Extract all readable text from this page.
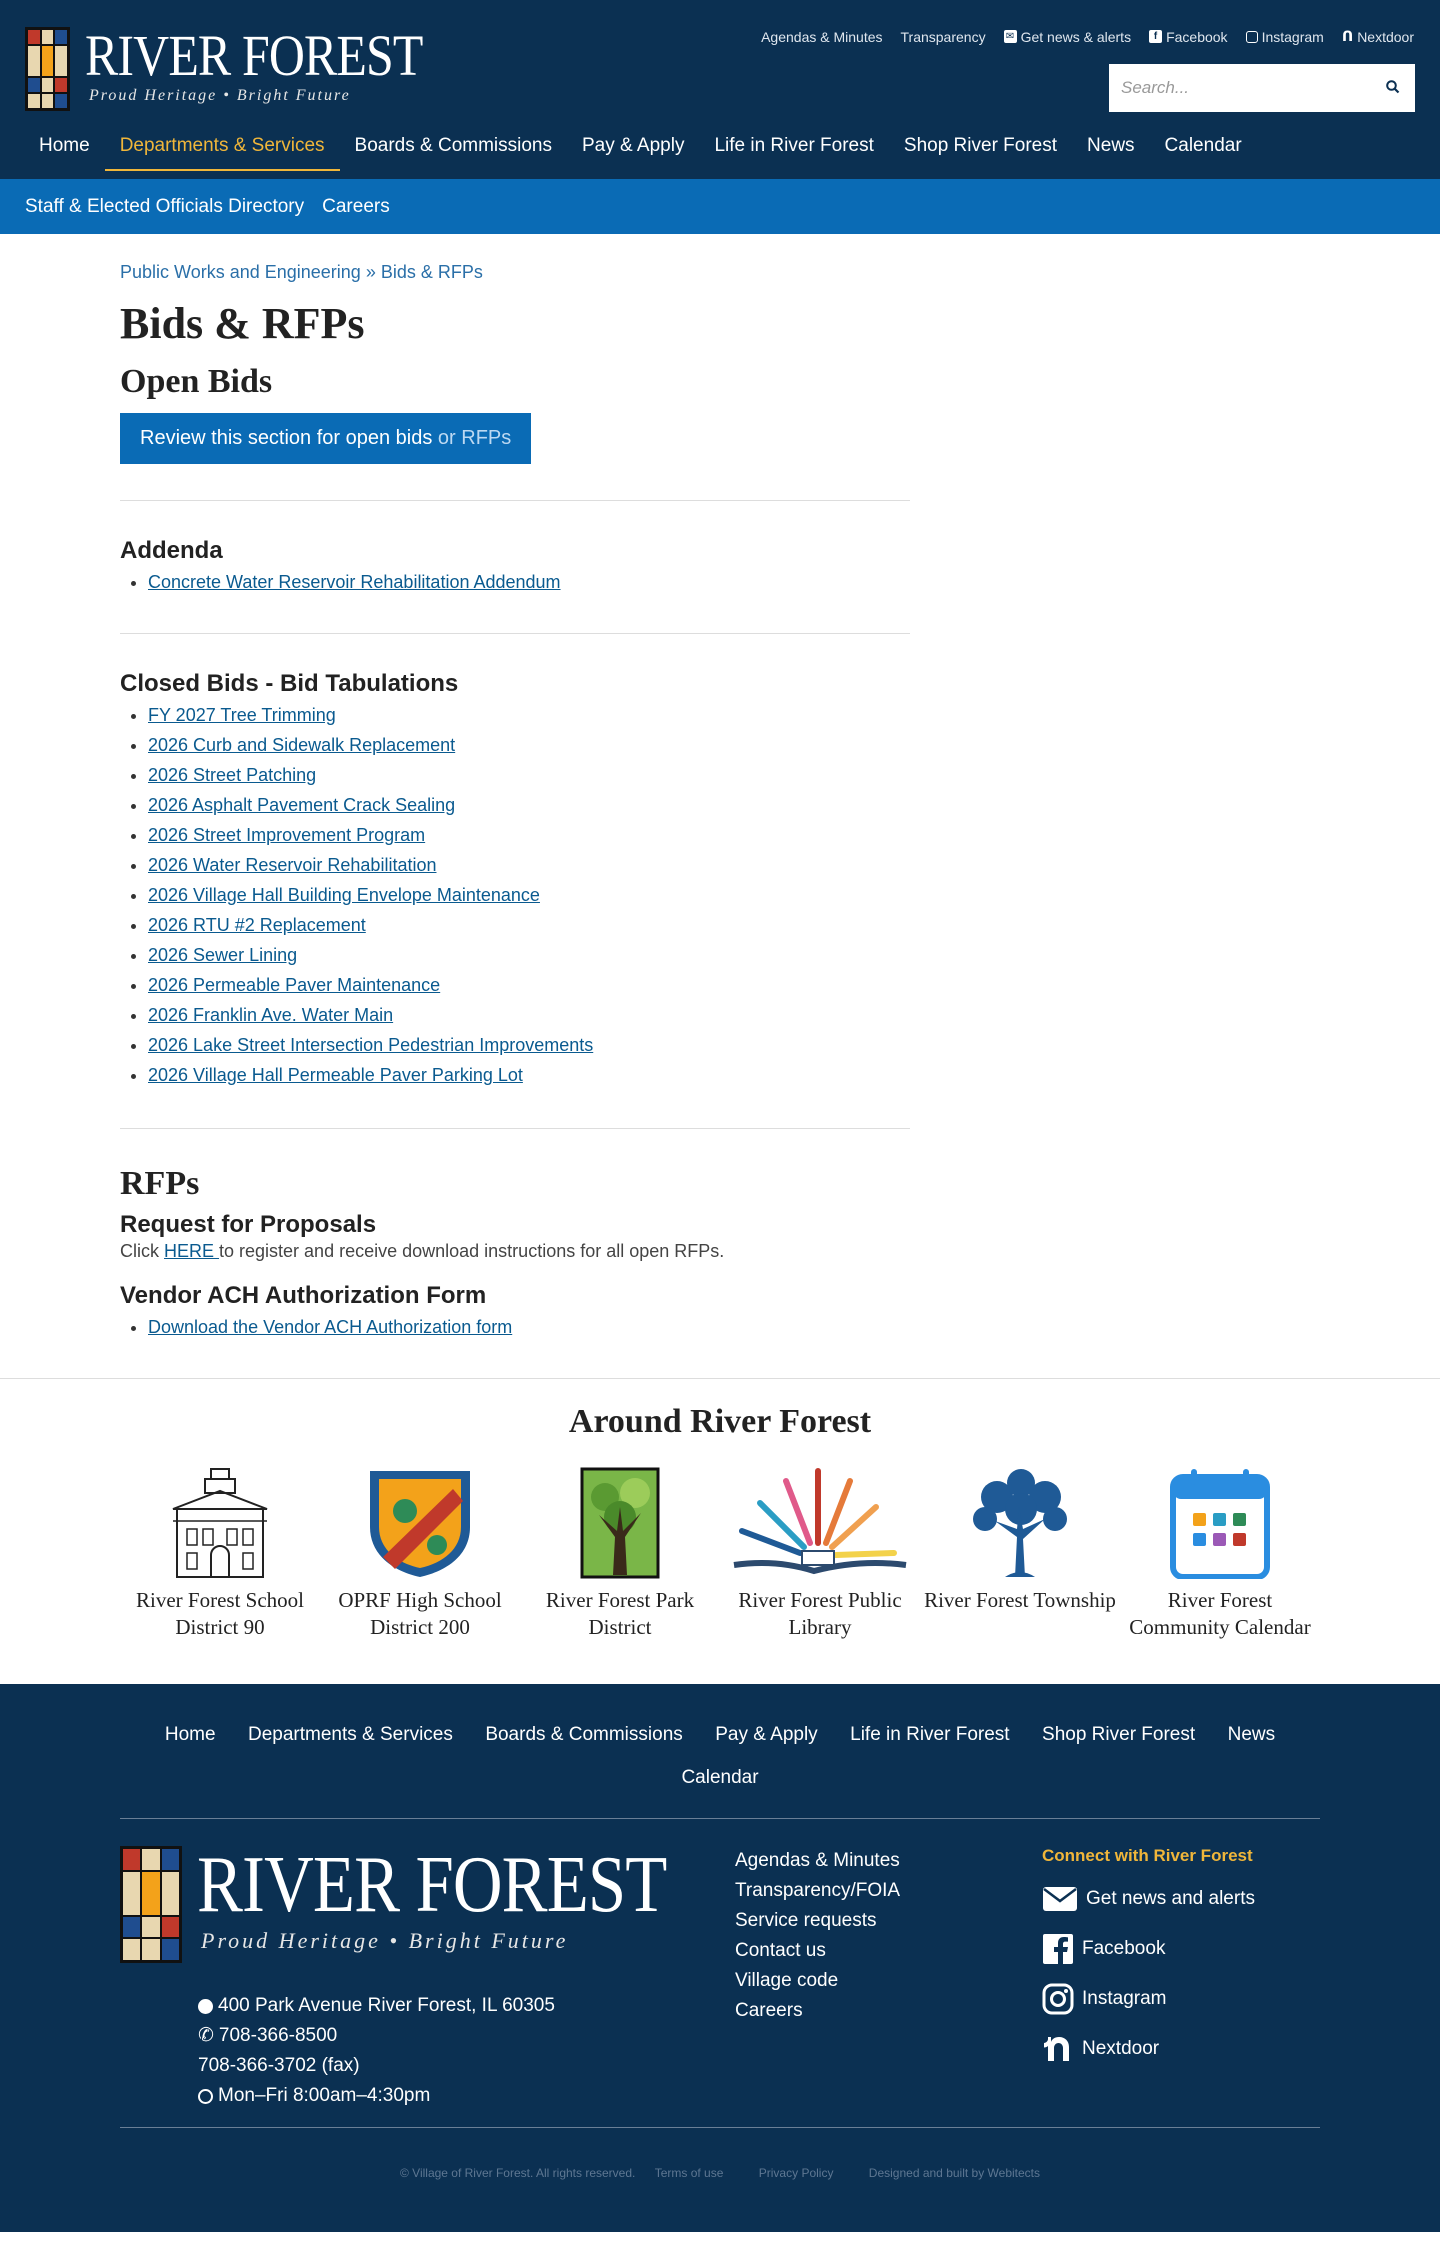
RIVER FOREST
Proud Heritage • Bright Future
Agendas & Minutes Transparency ✉ Get news & alerts	f Facebook Instagram ᑎ Nextdoor
Search...
Home	Departments & Services	Boards & Commissions	Pay & Apply	Life in River Forest	Shop River Forest	News	Calendar
Staff & Elected Officials Directory Careers
Public Works and Engineering » Bids & RFPs
Bids & RFPs
Open Bids
Review this section for open bids or RFPs
Addenda
• Concrete Water Reservoir Rehabilitation Addendum
Closed Bids - Bid Tabulations
• FY 2027 Tree Trimming
• 2026 Curb and Sidewalk Replacement
• 2026 Street Patching
• 2026 Asphalt Pavement Crack Sealing
• 2026 Street Improvement Program
• 2026 Water Reservoir Rehabilitation
• 2026 Village Hall Building Envelope Maintenance
• 2026 RTU #2 Replacement
• 2026 Sewer Lining
• 2026 Permeable Paver Maintenance
• 2026 Franklin Ave. Water Main
• 2026 Lake Street Intersection Pedestrian Improvements
• 2026 Village Hall Permeable Paver Parking Lot
RFPs
Request for Proposals

Click HERE to register and receive download instructions for all open RFPs.

Vendor ACH Authorization Form
• Download the Vendor ACH Authorization form
Around River Forest
River Forest School District 90
OPRF High School District 200
River Forest Park District
River Forest Public Library
River Forest Township	River Forest Community Calendar
Home Departments & Services Boards & Commissions Pay & Apply Life in River Forest Shop River Forest News Calendar
RIVER FOREST
Proud Heritage • Bright Future
400 Park Avenue River Forest, IL 60305
✆ 708-366-8500
708-366-3702 (fax)
Mon–Fri 8:00am–4:30pm
Agendas & Minutes
Transparency/FOIA
Service requests
Contact us
Village code
Careers
Connect with River Forest
Get news and alerts
Facebook
Instagram
Nextdoor
© Village of River Forest. All rights reserved. Terms of use	Privacy Policy	Designed and built by Webitects
